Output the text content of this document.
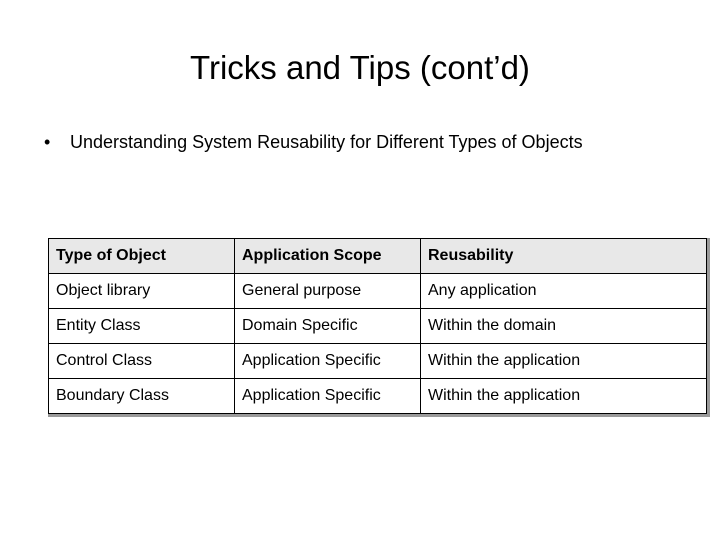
Tricks and Tips (cont’d)
• Understanding System Reusability for Different Types of Objects
Type of Object	Application Scope	Reusability
Object library	General purpose	Any application
Entity Class	Domain Specific	Within the domain
Control Class	Application Specific	Within the application
Boundary Class	Application Specific	Within the application
